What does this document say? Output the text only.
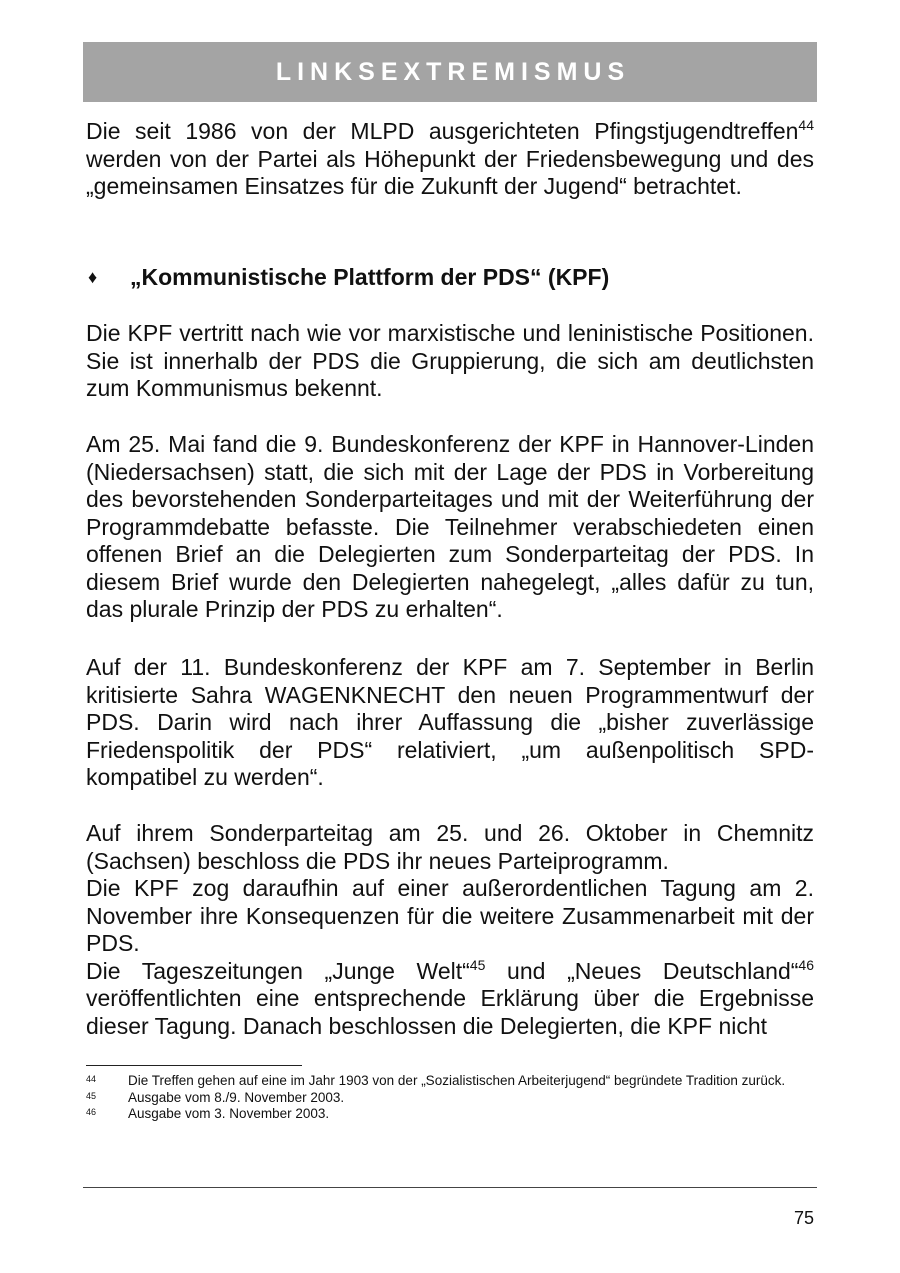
LINKSEXTREMISMUS
Die seit 1986 von der MLPD ausgerichteten Pfingstjugendtreffen$^{44}$ werden von der Partei als Höhepunkt der Friedensbewegung und des „gemeinsamen Einsatzes für die Zukunft der Jugend“ betrachtet.
♦	„Kommunistische Plattform der PDS“ (KPF)
Die KPF vertritt nach wie vor marxistische und leninistische Positionen. Sie ist innerhalb der PDS die Gruppierung, die sich am deutlichsten zum Kommunismus bekennt.
Am 25. Mai fand die 9. Bundeskonferenz der KPF in Hannover-Linden (Niedersachsen) statt, die sich mit der Lage der PDS in Vorbereitung des bevorstehenden Sonderparteitages und mit der Weiterführung der Programmdebatte befasste. Die Teilnehmer verabschiedeten einen offenen Brief an die Delegierten zum Sonderparteitag der PDS. In diesem Brief wurde den Delegierten nahegelegt, „alles dafür zu tun, das plurale Prinzip der PDS zu erhalten“.
Auf der 11. Bundeskonferenz der KPF am 7. September in Berlin kritisierte Sahra WAGENKNECHT den neuen Programmentwurf der PDS. Darin wird nach ihrer Auffassung die „bisher zuverlässige Friedenspolitik der PDS“ relativiert, „um außenpolitisch SPD-kompatibel zu werden“.
Auf ihrem Sonderparteitag am 25. und 26. Oktober in Chemnitz (Sachsen) beschloss die PDS ihr neues Parteiprogramm.
Die KPF zog daraufhin auf einer außerordentlichen Tagung am 2. November ihre Konsequenzen für die weitere Zusammenarbeit mit der PDS.
Die Tageszeitungen „Junge Welt“$^{45}$ und „Neues Deutschland“$^{46}$ veröffentlichten eine entsprechende Erklärung über die Ergebnisse dieser Tagung. Danach beschlossen die Delegierten, die KPF nicht
44	Die Treffen gehen auf eine im Jahr 1903 von der „Sozialistischen Arbeiterjugend“ begründete Tradition zurück.
45	Ausgabe vom 8./9. November 2003.
46	Ausgabe vom 3. November 2003.
75
